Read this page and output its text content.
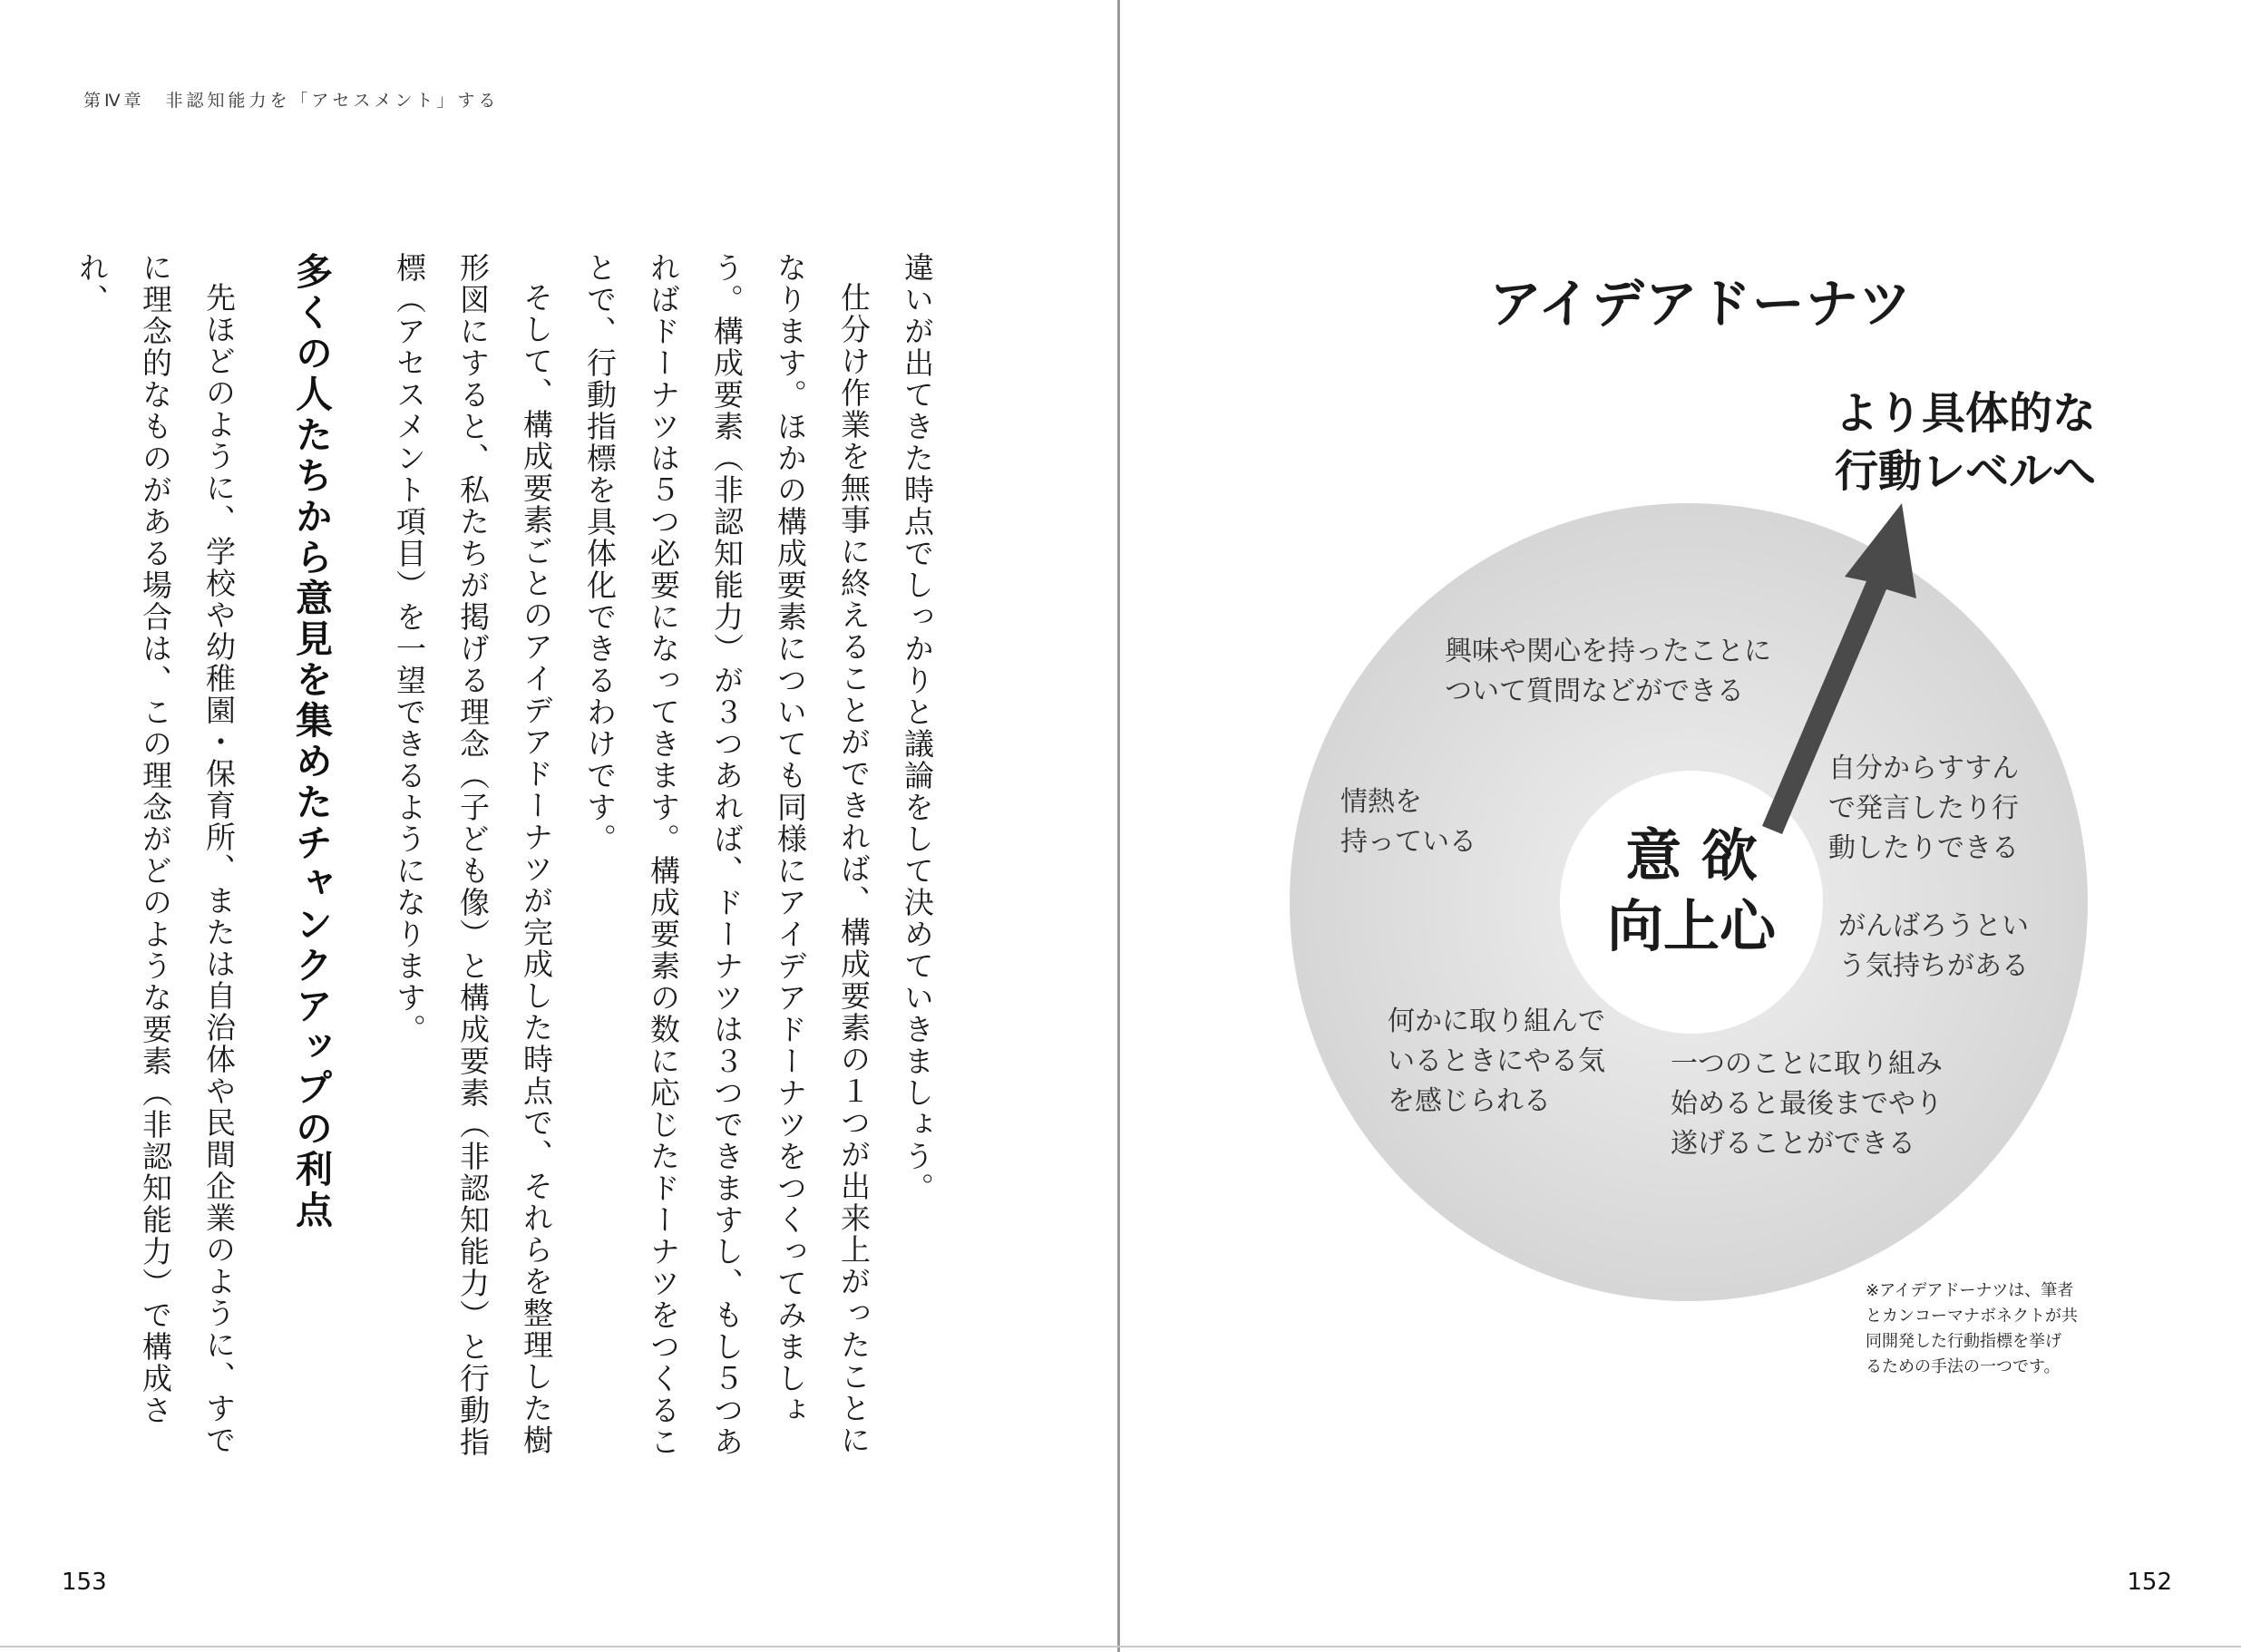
第Ⅳ章　非認知能力を「アセスメント」する

違いが出てきた時点でしっかりと議論をして決めていきましょう。

仕分け作業を無事に終えることができれば、構成要素の１つが出来上がったことになります。ほかの構成要素についても同様にアイデアドーナツをつくってみましょう。構成要素（非認知能力）が３つあれば、ドーナツは３つできますし、もし５つあればドーナツは５つ必要になってきます。構成要素の数に応じたドーナツをつくることで、行動指標を具体化できるわけです。

そして、構成要素ごとのアイデアドーナツが完成した時点で、それらを整理した樹形図にすると、私たちが掲げる理念（子ども像）と構成要素（非認知能力）と行動指標（アセスメント項目）を一望できるようになります。

多くの人たちから意見を集めたチャンクアップの利点

先ほどのように、学校や幼稚園・保育所、または自治体や民間企業のように、すでに理念的なものがある場合は、この理念がどのような要素（非認知能力）で構成され、

153
アイデアドーナツ
より具体的な
行動レベルへ
意 欲
向上心
興味や関心を持ったことに
ついて質問などができる
自分からすすん
で発言したり行
動したりできる
情熱を
持っている
がんばろうとい
う気持ちがある
何かに取り組んで
いるときにやる気
を感じられる
一つのことに取り組み
始めると最後までやり
遂げることができる
※アイデアドーナツは、筆者
とカンコーマナボネクトが共
同開発した行動指標を挙げ
るための手法の一つです。
152
